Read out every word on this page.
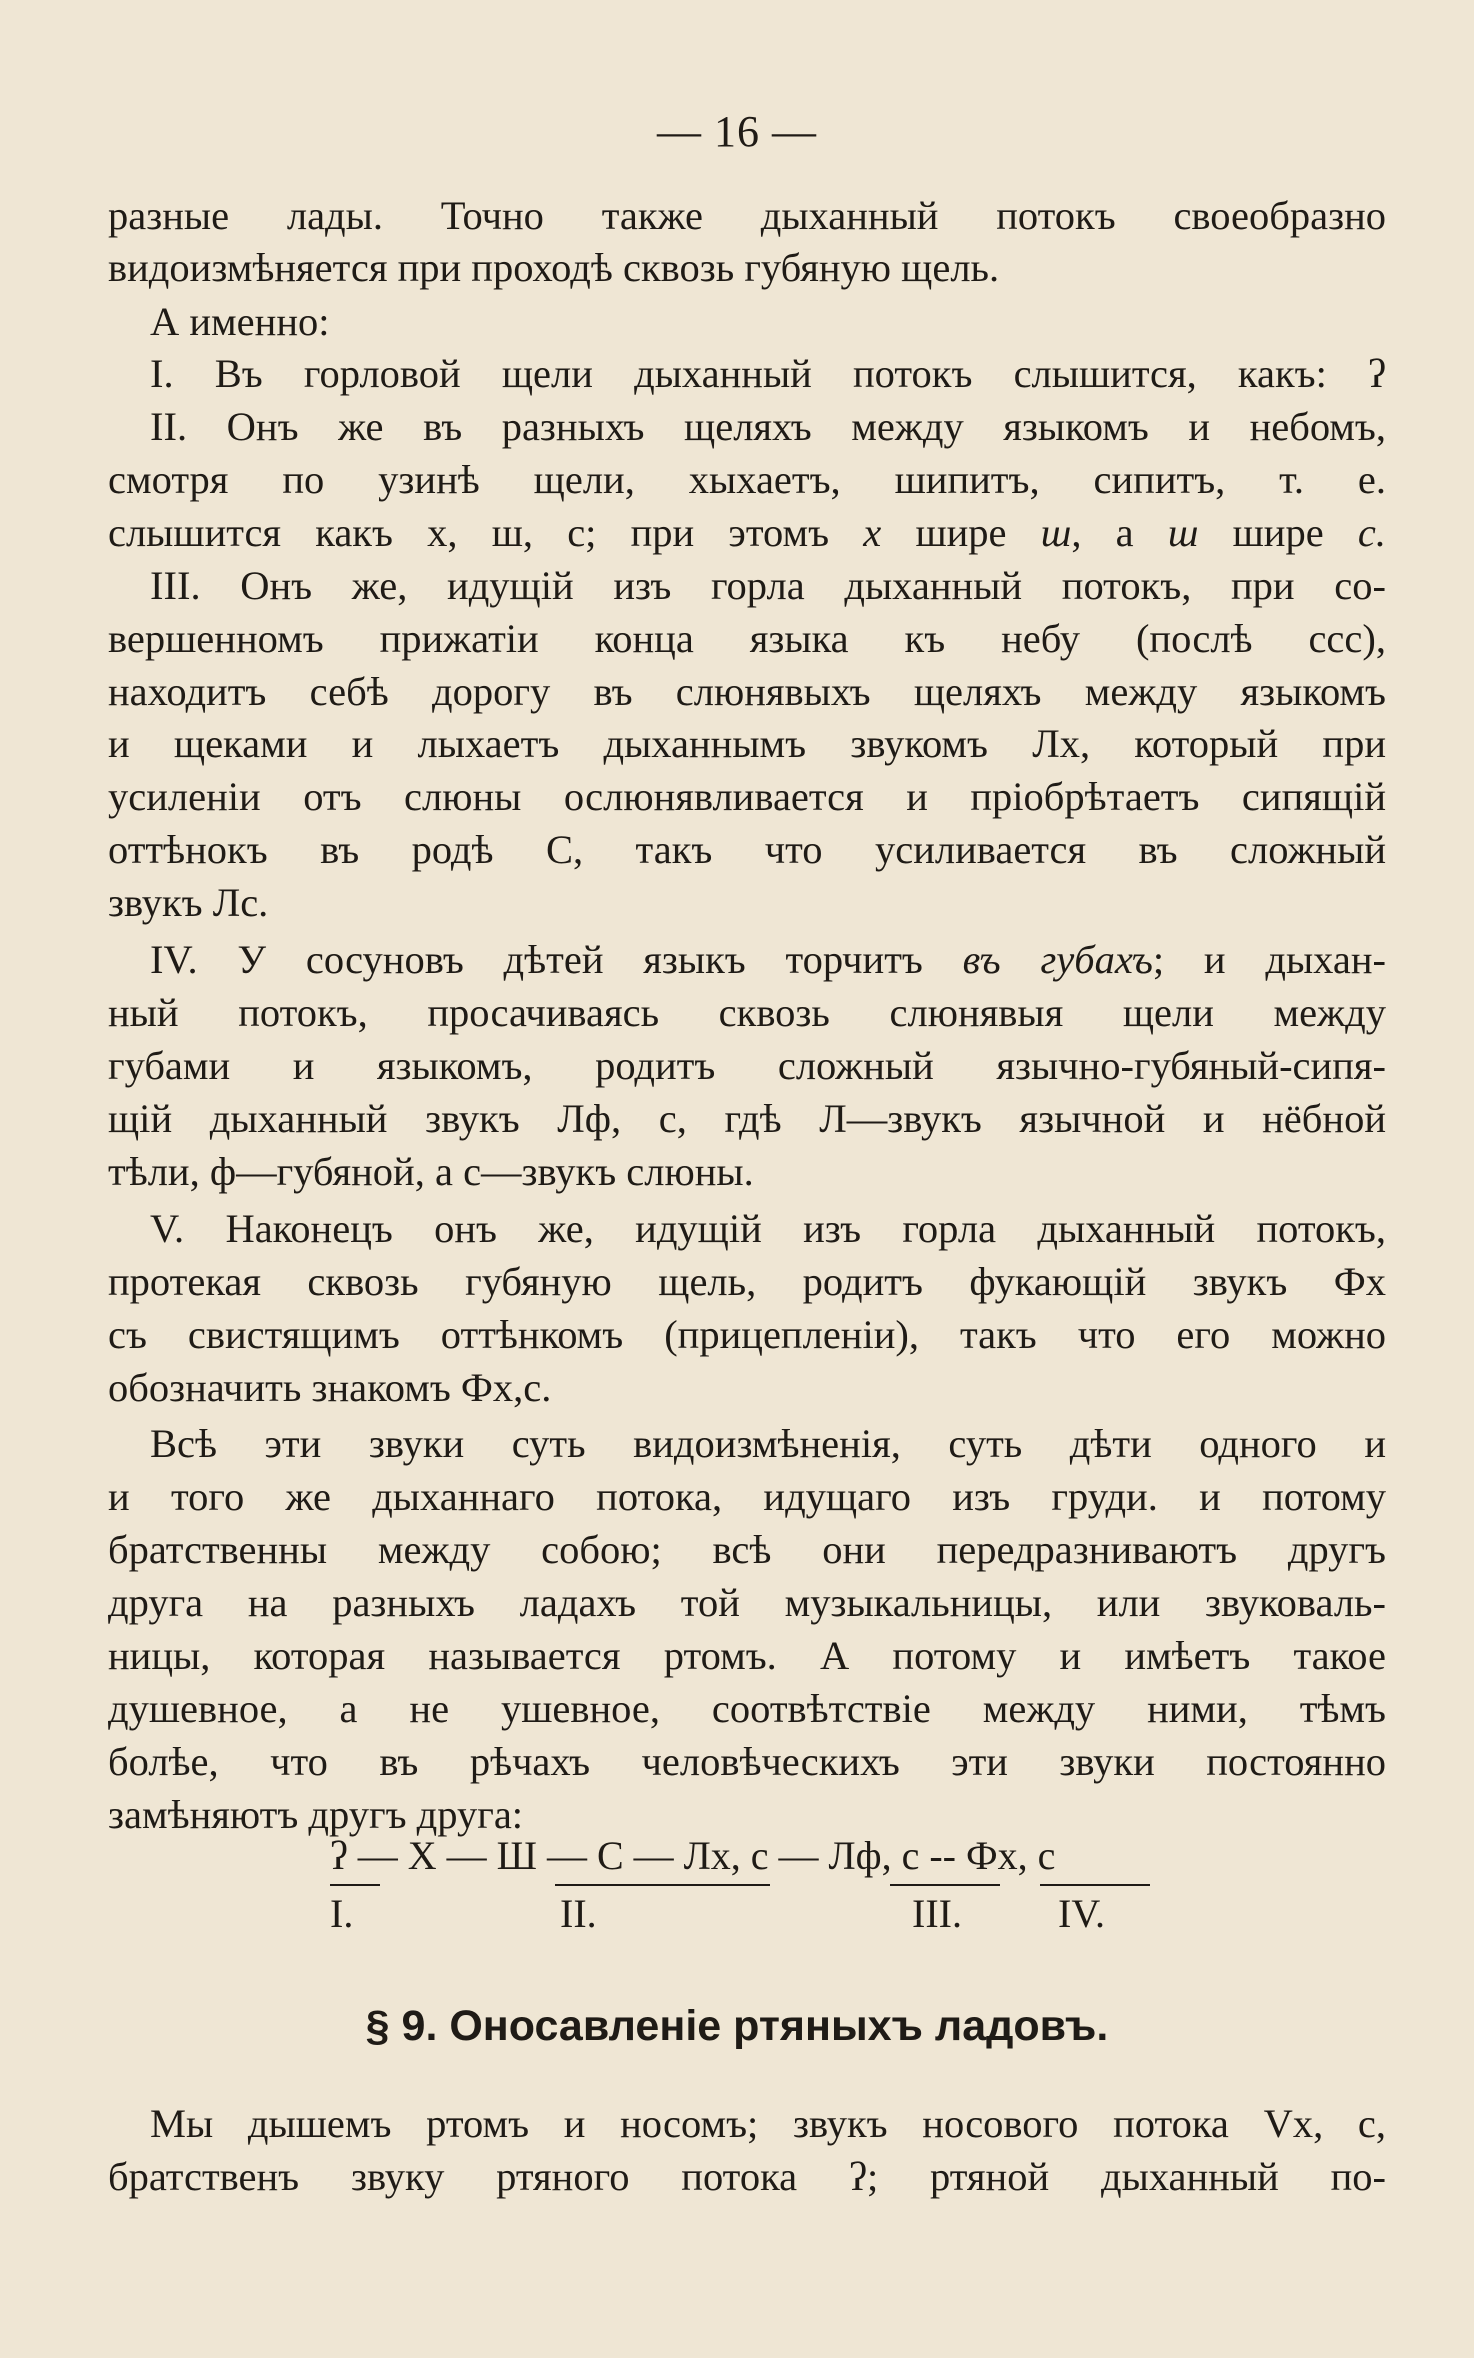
— 16 —
разные лады. Точно также дыханный потокъ своеобразно
видоизмѣняется при проходѣ сквозь губяную щель.
А именно:
I. Въ горловой щели дыханный потокъ слышится, какъ: ʔ
II. Онъ же въ разныхъ щеляхъ между языкомъ и небомъ,
смотря по узинѣ щели, хыхаетъ, шипитъ, сипитъ, т. е.
слышится какъ х, ш, с; при этомъ х шире ш, а ш шире с.
III. Онъ же, идущій изъ горла дыханный потокъ, при со-
вершенномъ прижатіи конца языка къ небу (послѣ ссс),
находитъ себѣ дорогу въ слюнявыхъ щеляхъ между языкомъ
и щеками и лыхаетъ дыханнымъ звукомъ Лх, который при
усиленіи отъ слюны ослюнявливается и пріобрѣтаетъ сипящій
оттѣнокъ въ родѣ С, такъ что усиливается въ сложный
звукъ Лс.
IV. У сосуновъ дѣтей языкъ торчитъ въ губахъ; и дыхан-
ный потокъ, просачиваясь сквозь слюнявыя щели между
губами и языкомъ, родитъ сложный язычно-губяный-сипя-
щій дыханный звукъ Лф, с, гдѣ Л—звукъ язычной и нёбной
тѣли, ф—губяной, а с—звукъ слюны.
V. Наконецъ онъ же, идущій изъ горла дыханный потокъ,
протекая сквозь губяную щель, родитъ фукающій звукъ Фх
съ свистящимъ оттѣнкомъ (прицепленіи), такъ что его можно
обозначить знакомъ Фх,с.
Всѣ эти звуки суть видоизмѣненія, суть дѣти одного и
и того же дыханнаго потока, идущаго изъ груди. и потому
братственны между собою; всѣ они передразниваютъ другъ
друга на разныхъ ладахъ той музыкальницы, или звуковаль-
ницы, которая называется ртомъ. А потому и имѣетъ такое
душевное, а не ушевное, соотвѣтствіе между ними, тѣмъ
болѣе, что въ рѣчахъ человѣческихъ эти звуки постоянно
замѣняютъ другъ друга:
ʔ — Х — Ш — С — Лх, с — Лф, с -- Фх, с
I.	II.	III. IV.
§ 9. Оносавленіе ртяныхъ ладовъ.
Мы дышемъ ртомъ и носомъ; звукъ носового потока Vх, с,
братственъ звуку ртяного потока ʔ; ртяной дыханный по-
